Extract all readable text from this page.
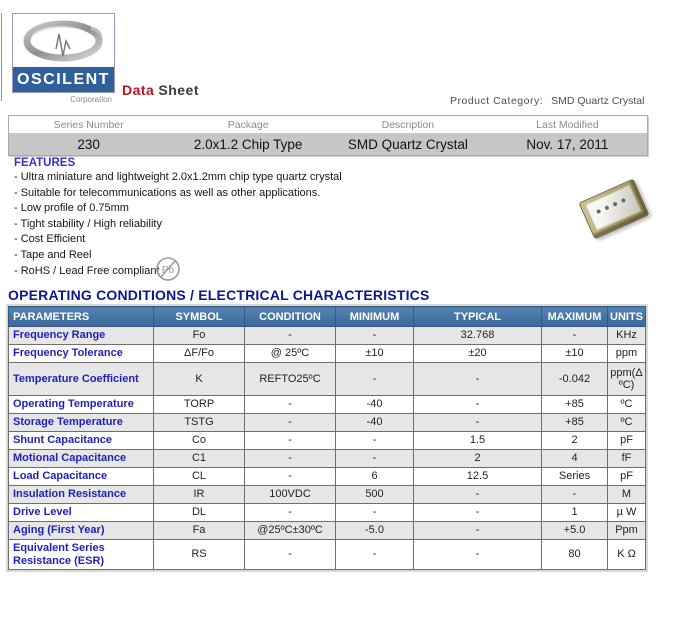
OSCILENT
Corporation
Data Sheet
Product Category: SMD Quartz Crystal
Series Number	Package	Description	Last Modified
230	2.0x1.2 Chip Type	SMD Quartz Crystal	Nov. 17, 2011
FEATURES
- Ultra miniature and lightweight 2.0x1.2mm chip type quartz crystal
- Suitable for telecommunications as well as other applications.
- Low profile of 0.75mm
- Tight stability / High reliability
- Cost Efficient
- Tape and Reel
- RoHS / Lead Free compliant Pb
OPERATING CONDITIONS / ELECTRICAL CHARACTERISTICS
PARAMETERS	SYMBOL	CONDITION	MINIMUM	TYPICAL	MAXIMUM	UNITS
Frequency Range	Fo	-	-	32.768	-	KHz
Frequency Tolerance	ΔF/Fo	@ 25ºC	±10	±20	±10	ppm
Temperature Coefficient	K	REFTO25ºC	-	-	-0.042	ppm(Δ ºC)
Operating Temperature	TORP	-	-40	-	+85	ºC
Storage Temperature	TSTG	-	-40	-	+85	ºC
Shunt Capacitance	Co	-	-	1.5	2	pF
Motional Capacitance	C1	-	-	2	4	fF
Load Capacitance	CL	-	6	12.5	Series	pF
Insulation Resistance	IR	100VDC	500	-	-	M
Drive Level	DL	-	-	-	1	µ W
Aging (First Year)	Fa	@25ºC±30ºC	-5.0	-	+5.0	Ppm
Equivalent Series Resistance (ESR)	RS	-	-	-	80	K Ω
